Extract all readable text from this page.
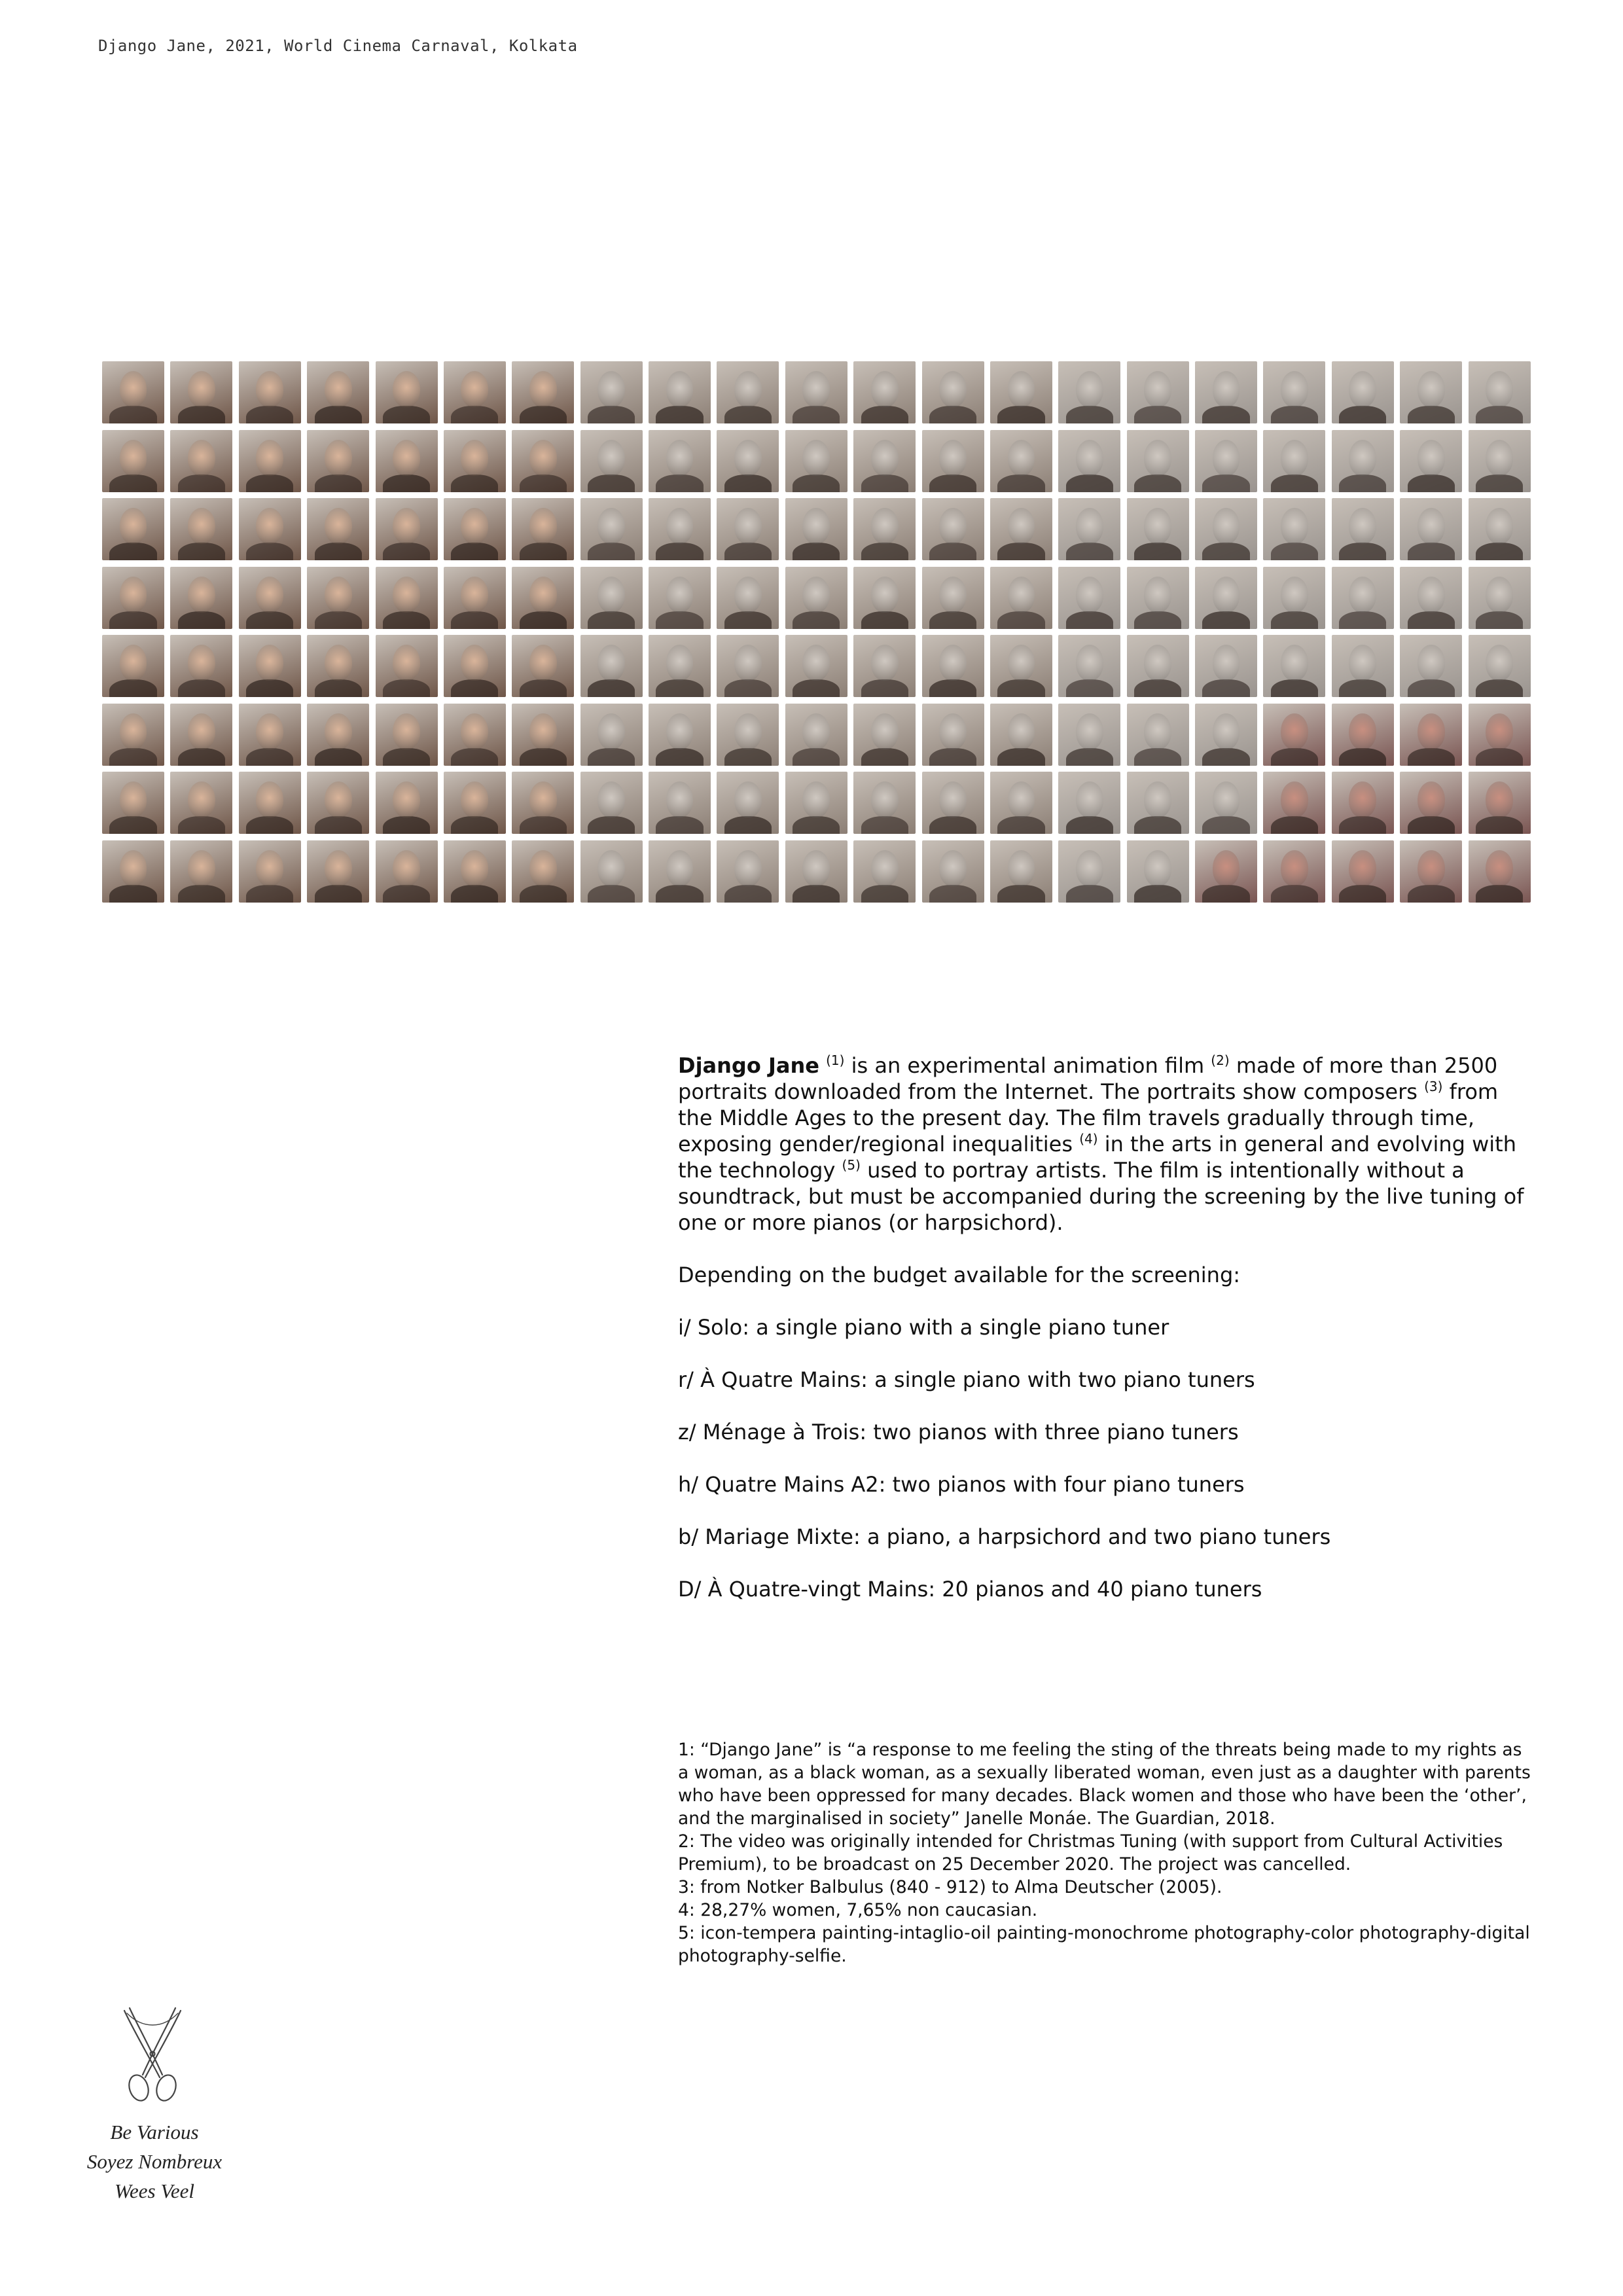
Django Jane, 2021, World Cinema Carnaval, Kolkata

Django Jane $^{(1)}$ is an experimental animation film $^{(2)}$ made of more than 2500 portraits downloaded from the Internet. The portraits show composers $^{(3)}$ from the Middle Ages to the present day. The film travels gradually through time, exposing gender/regional inequalities $^{(4)}$ in the arts in general and evolving with the technology $^{(5)}$ used to portray artists. The film is intentionally without a soundtrack, but must be accompanied during the screening by the live tuning of one or more pianos (or harpsichord).

Depending on the budget available for the screening:

i/ Solo: a single piano with a single piano tuner
r/ À Quatre Mains: a single piano with two piano tuners
z/ Ménage à Trois: two pianos with three piano tuners
h/ Quatre Mains A2: two pianos with four piano tuners
b/ Mariage Mixte: a piano, a harpsichord and two piano tuners
D/ À Quatre-vingt Mains: 20 pianos and 40 piano tuners
1: “Django Jane” is “a response to me feeling the sting of the threats being made to my rights as a woman, as a black woman, as a sexually liberated woman, even just as a daughter with parents who have been oppressed for many decades. Black women and those who have been the ‘other’, and the marginalised in society” Janelle Monáe. The Guardian, 2018.
2: The video was originally intended for Christmas Tuning (with support from Cultural Activities Premium), to be broadcast on 25 December 2020. The project was cancelled.
3: from Notker Balbulus (840 - 912) to Alma Deutscher (2005).
4: 28,27% women, 7,65% non caucasian.
5: icon-tempera painting-intaglio-oil painting-monochrome photography-color photography-digital photography-selfie.
Be Various
Soyez Nombreux
Wees Veel
